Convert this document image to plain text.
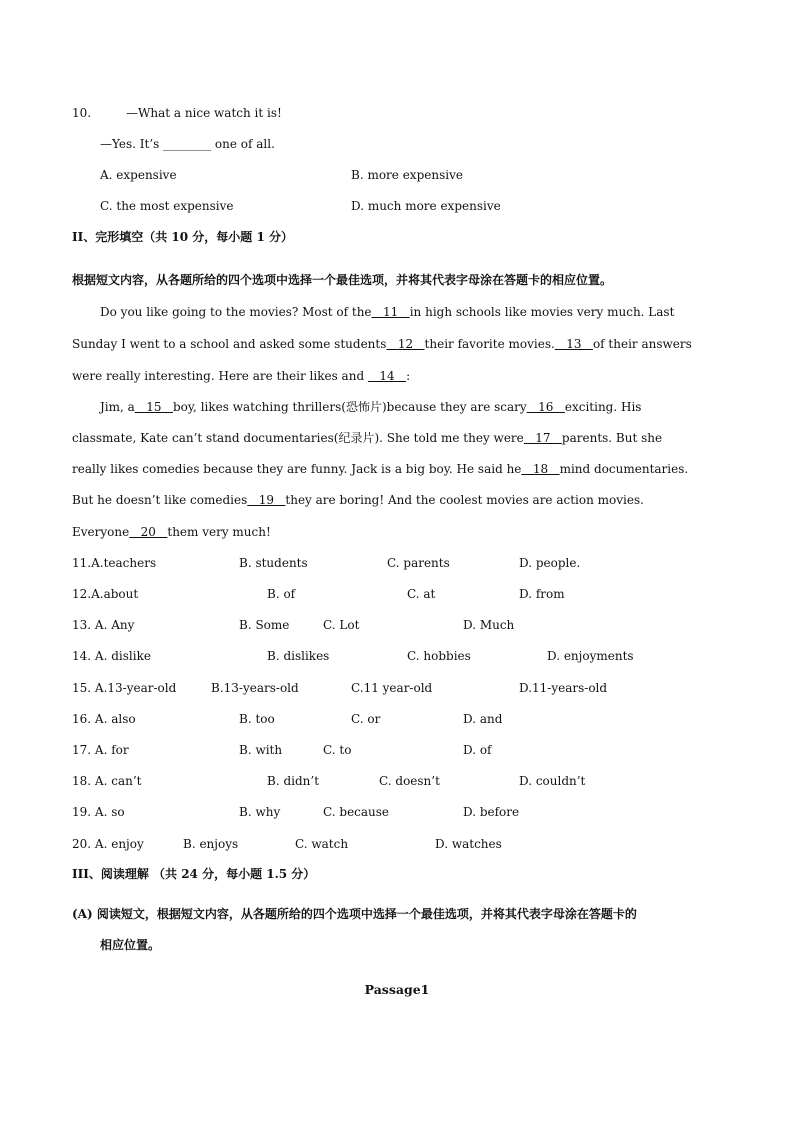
10.	—What a nice watch it is!
—Yes. It’s ________ one of all.
A. expensive	B. more expensive
C. the most expensive	D. much more expensive
II、完形填空（共 10 分，每小题 1 分）
根据短文内容，从各题所给的四个选项中选择一个最佳选项，并将其代表字母涂在答题卡的相应位置。
Do you like going to the movies? Most of the   11   in high schools like movies very much. Last
Sunday I went to a school and asked some students   12   their favorite movies.   13   of their answers
were really interesting. Here are their likes and    14   :
Jim, a   15   boy, likes watching thrillers(恐怖片)because they are scary   16   exciting. His
classmate, Kate can’t stand documentaries(纪录片). She told me they were   17   parents. But she
really likes comedies because they are funny. Jack is a big boy. He said he   18   mind documentaries.
But he doesn’t like comedies   19   they are boring! And the coolest movies are action movies.
Everyone   20   them very much!
11.A.teachers	B. students	C. parents	D. people.
12.A.about	B. of	C. at	D. from
13. A. Any	B. Some	C. Lot	D. Much
14. A. dislike	B. dislikes	C. hobbies	D. enjoyments
15. A.13-year-old	B.13-years-old	C.11 year-old	D.11-years-old
16. A. also	B. too	C. or	D. and
17. A. for	B. with	C. to	D. of
18. A. can’t	B. didn’t	C. doesn’t	D. couldn’t
19. A. so	B. why	C. because	D. before
20. A. enjoy	B. enjoys	C. watch	D. watches
III、阅读理解 （共 24 分，每小题 1.5 分）
(A) 阅读短文，根据短文内容，从各题所给的四个选项中选择一个最佳选项，并将其代表字母涂在答题卡的
相应位置。
Passage1
